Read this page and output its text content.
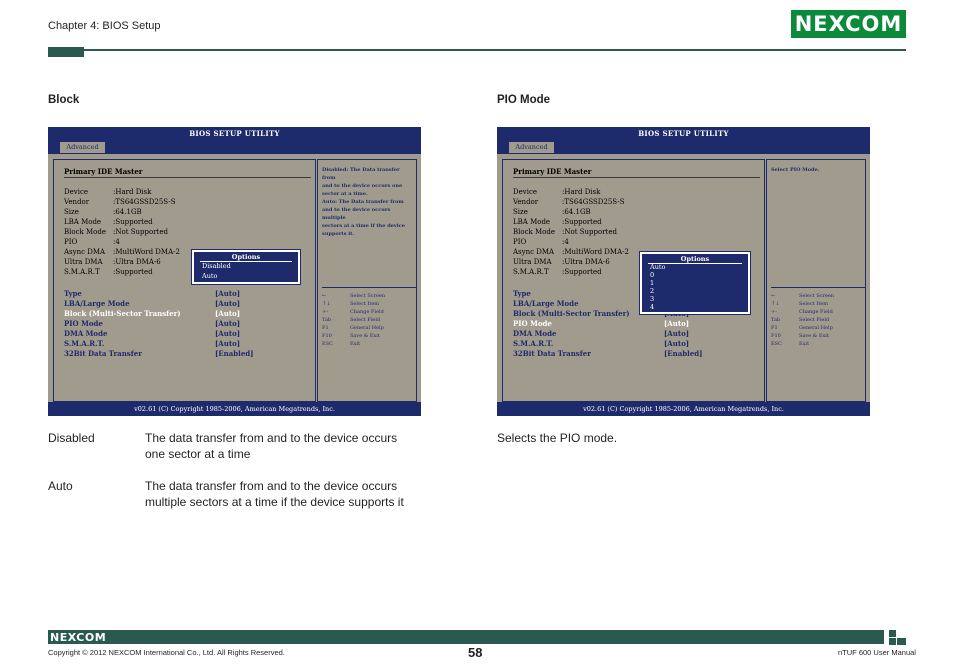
Chapter 4: BIOS Setup	NEXCOM
Block
BIOS SETUP UTILITY
Advanced
Primary IDE Master
Device	:Hard Disk
Vendor	:TS64GSSD25S-S
Size	:64.1GB
LBA Mode :Supported
Block Mode :Not Supported
PIO	:4
Async DMA :MultiWord DMA-2
Ultra DMA :Ultra DMA-6
S.M.A.R.T :Supported
Type	[Auto]
LBA/Large Mode	[Auto]
Block (Multi-Sector Transfer)	[Auto]
PIO Mode	[Auto]
DMA Mode	[Auto]
S.M.A.R.T.	[Auto]
32Bit Data Transfer	[Enabled]
Disabled: The Data transfer from
and to the device occurs one
sector at a time.
Auto: The Data transfer from
and to the device occurs multiple
sectors at a time if the device
supports it.
←	Select Screen
↑↓	Select Item
+-	Change Field
Tab	Select Field
F1	General Help
F10	Save & Exit
ESC	Exit
Options
Disabled
Auto
v02.61 (C) Copyright 1985-2006, American Megatrends, Inc.
PIO Mode
BIOS SETUP UTILITY
Advanced
Primary IDE Master
Device	:Hard Disk
Vendor	:TS64GSSD25S-S
Size	:64.1GB
LBA Mode :Supported
Block Mode :Not Supported
PIO	:4
Async DMA :MultiWord DMA-2
Ultra DMA :Ultra DMA-6
S.M.A.R.T :Supported
Type
LBA/Large Mode
Block (Multi-Sector Transfer)
PIO Mode	[Auto]
DMA Mode	[Auto]
S.M.A.R.T.	[Auto]
32Bit Data Transfer	[Enabled]
Select PIO Mode.
←	Select Screen
↑↓	Select Item
+-	Change Field
Tab	Select Field
F1	General Help
F10	Save & Exit
ESC	Exit
Options
Auto
0
1
2
3
4
v02.61 (C) Copyright 1985-2006, American Megatrends, Inc.
Disabled	The data transfer from and to the device occurs
one sector at a time
Auto	The data transfer from and to the device occurs
multiple sectors at a time if the device supports it
Selects the PIO mode.
NEXCOM
Copyright © 2012 NEXCOM International Co., Ltd. All Rights Reserved.	58	nTUF 600 User Manual
